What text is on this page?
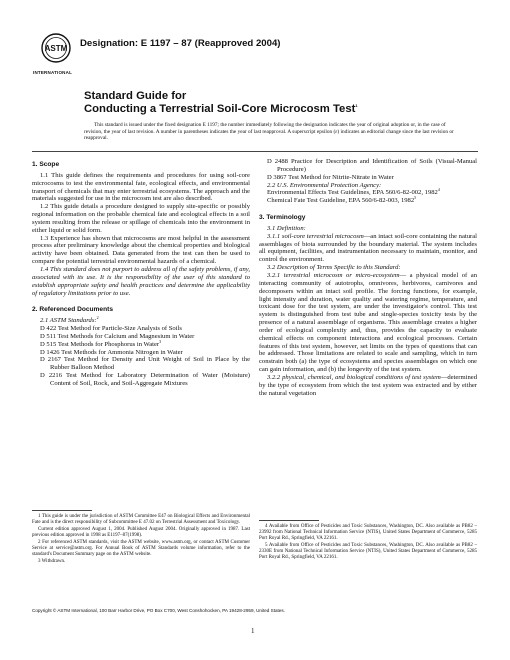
ASTM
INTERNATIONAL
Designation: E 1197 – 87 (Reapproved 2004)
Standard Guide for
Conducting a Terrestrial Soil-Core Microcosm Test$^1$
This standard is issued under the fixed designation E 1197; the number immediately following the designation indicates the year of original adoption or, in the case of revision, the year of last revision. A number in parentheses indicates the year of last reapproval. A superscript epsilon (ε) indicates an editorial change since the last revision or reapproval.

1. Scope

1.1 This guide defines the requirements and procedures for using soil-core microcosms to test the environmental fate, ecological effects, and environmental transport of chemicals that may enter terrestrial ecosystems. The approach and the materials suggested for use in the microcosm test are also described.

1.2 This guide details a procedure designed to supply site-specific or possibly regional information on the probable chemical fate and ecological effects in a soil system resulting from the release or spillage of chemicals into the environment in either liquid or solid form.

1.3 Experience has shown that microcosms are most helpful in the assessment process after preliminary knowledge about the chemical properties and biological activity have been obtained. Data generated from the test can then be used to compare the potential terrestrial environmental hazards of a chemical.

1.4 This standard does not purport to address all of the safety problems, if any, associated with its use. It is the responsibility of the user of this standard to establish appropriate safety and health practices and determine the applicability of regulatory limitations prior to use.

2. Referenced Documents

2.1 ASTM Standards:$^2$

D 422 Test Method for Particle-Size Analysis of Soils

D 511 Test Methods for Calcium and Magnesium in Water

D 515 Test Methods for Phosphorus in Water$^3$

D 1426 Test Methods for Ammonia Nitrogen in Water

D 2167 Test Method for Density and Unit Weight of Soil in Place by the Rubber Balloon Method

D 2216 Test Method for Laboratory Determination of Water (Moisture) Content of Soil, Rock, and Soil-Aggregate Mixtures

D 2488 Practice for Description and Identification of Soils (Visual-Manual Procedure)

D 3867 Test Method for Nitrite-Nitrate in Water

2.2 U.S. Environmental Protection Agency:

Environmental Effects Test Guidelines, EPA 560/6-82-002, 1982$^4$

Chemical Fate Test Guideline, EPA 560/6-82-003, 1982$^5$

3. Terminology

3.1 Definition:

3.1.1 soil-core terrestrial microcosm—an intact soil-core containing the natural assemblages of biota surrounded by the boundary material. The system includes all equipment, facilities, and instrumentation necessary to maintain, monitor, and control the environment.

3.2 Description of Terms Specific to this Standard:

3.2.1 terrestrial microcosm or micro-ecosystem— a physical model of an interacting community of autotrophs, omnivores, herbivores, carnivores and decomposers within an intact soil profile. The forcing functions, for example, light intensity and duration, water quality and watering regime, temperature, and toxicant dose for the test system, are under the investigator's control. This test system is distinguished from test tube and single-species toxicity tests by the presence of a natural assemblage of organisms. This assemblage creates a higher order of ecological complexity and, thus, provides the capacity to evaluate chemical effects on component interactions and ecological processes. Certain features of this test system, however, set limits on the types of questions that can be addressed. Those limitations are related to scale and sampling, which in turn constrain both (a) the type of ecosystems and species assemblages on which one can gain information, and (b) the longevity of the test system.

3.2.2 physical, chemical, and biological conditions of test system—determined by the type of ecosystem from which the test system was extracted and by either the natural vegetation

1 This guide is under the jurisdiction of ASTM Committee E47 on Biological Effects and Environmental Fate and is the direct responsibility of Subcommittee E 47.02 on Terrestrial Assessment and Toxicology.

Current edition approved August 1, 2004. Published August 2004. Originally approved in 1987. Last previous edition approved in 1998 as E1197–87(1998).

2 For referenced ASTM standards, visit the ASTM website, www.astm.org, or contact ASTM Customer Service at service@astm.org. For Annual Book of ASTM Standards volume information, refer to the standard's Document Summary page on the ASTM website.

3 Withdrawn.

4 Available from Office of Pesticides and Toxic Substances, Washington, DC. Also available as PB82 – 23992 from National Technical Information Service (NTIS), United States Department of Commerce, 5285 Port Royal Rd., Springfield, VA 22161.

5 Available from Office of Pesticides and Toxic Substances, Washington, DC. Also available as PB82 – 2330E from National Technical Information Service (NTIS), United States Department of Commerce, 5285 Port Royal Rd., Springfield, VA 22161.

Copyright © ASTM International, 100 Barr Harbor Drive, PO Box C700, West Conshohocken, PA 19428-2959, United States.
1
